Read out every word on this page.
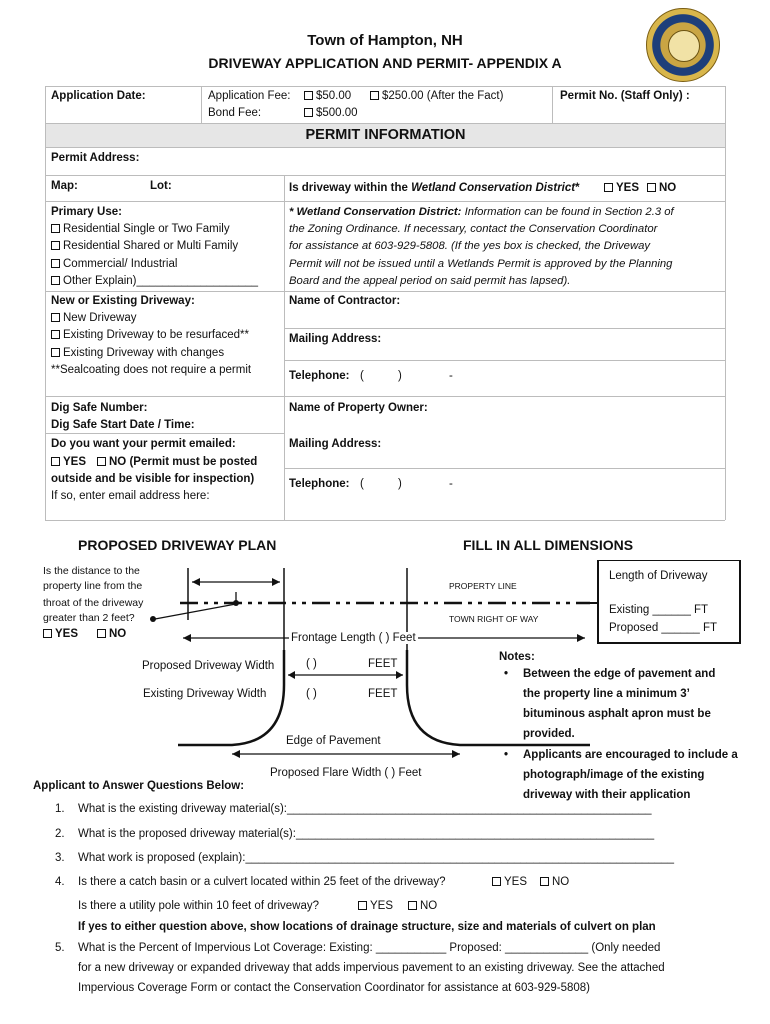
Town of Hampton, NH
DRIVEWAY APPLICATION AND PERMIT- APPENDIX A
Application Date:	Application Fee:	$50.00	$250.00 (After the Fact)
Bond Fee:	$500.00
Permit No. (Staff Only) :
PERMIT INFORMATION
Permit Address:
Map:	Lot:	Is driveway within the Wetland Conservation District*	YES	NO
Primary Use:
Residential Single or Two Family
Residential Shared or Multi Family
Commercial/ Industrial
Other Explain)___________________
* Wetland Conservation District: Information can be found in Section 2.3 of
the Zoning Ordinance. If necessary, contact the Conservation Coordinator
for assistance at 603-929-5808. (If the yes box is checked, the Driveway
Permit will not be issued until a Wetlands Permit is approved by the Planning
Board and the appeal period on said permit has lapsed).
New or Existing Driveway:
New Driveway
Existing Driveway to be resurfaced**
Existing Driveway with changes
**Sealcoating does not require a permit
Name of Contractor:
Mailing Address:
Telephone: (	)	-
Dig Safe Number:
Dig Safe Start Date / Time:
Name of Property Owner:
Do you want your permit emailed:
YES	NO (Permit must be posted
outside and be visible for inspection)
If so, enter email address here:
Mailing Address:
Telephone: (	)	-
PROPOSED DRIVEWAY PLAN	FILL IN ALL DIMENSIONS
Is the distance to the
property line from the
throat of the driveway
greater than 2 feet?
YES	NO
PROPERTY LINE
TOWN RIGHT OF WAY
Frontage Length ( ) Feet
Proposed Driveway Width	( )	FEET
Existing Driveway Width	( )	FEET
Edge of Pavement
Proposed Flare Width ( ) Feet
Length of Driveway
Existing ______ FT
Proposed ______ FT
Notes:
• Between the edge of pavement and
the property line a minimum 3’
bituminous asphalt apron must be
provided.
• Applicants are encouraged to include a
photograph/image of the existing
driveway with their application
Applicant to Answer Questions Below:
1. What is the existing driveway material(s):_________________________________________________________
2. What is the proposed driveway material(s):________________________________________________________
3. What work is proposed (explain):___________________________________________________________________
4. Is there a catch basin or a culvert located within 25 feet of the driveway?	YES	NO
Is there a utility pole within 10 feet of driveway?	YES	NO
If yes to either question above, show locations of drainage structure, size and materials of culvert on plan
5. What is the Percent of Impervious Lot Coverage: Existing: ___________ Proposed: _____________ (Only needed
for a new driveway or expanded driveway that adds impervious pavement to an existing driveway. See the attached
Impervious Coverage Form or contact the Conservation Coordinator for assistance at 603-929-5808)
